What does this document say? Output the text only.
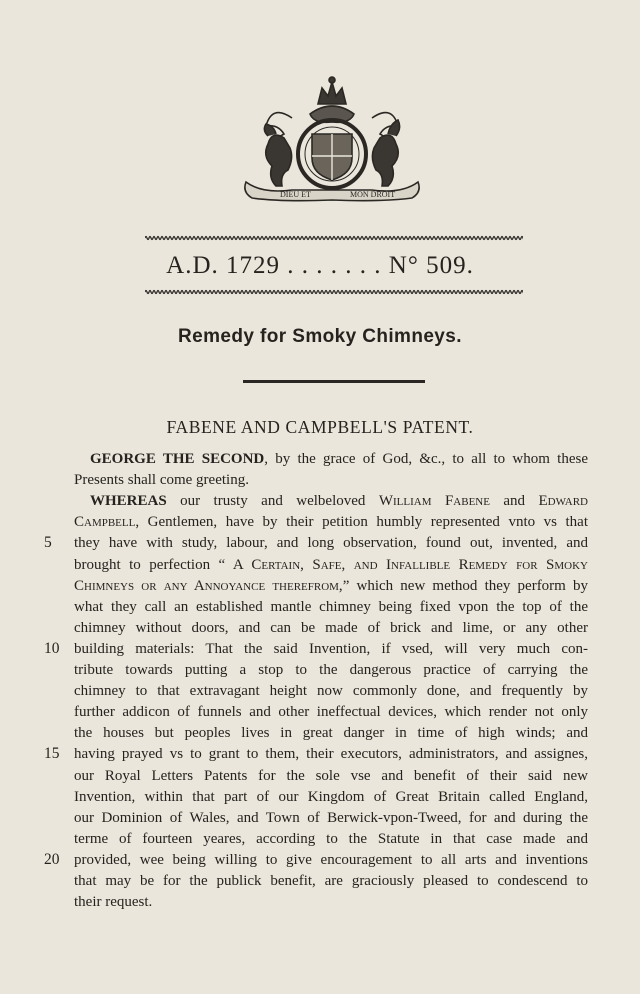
DIEU ET	MON DROIT
A.D. 1729 . . . . . . . N° 509.
Remedy for Smoky Chimneys.
FABENE AND CAMPBELL'S PATENT.
GEORGE THE SECOND, by the grace of God, &c., to all to whom these
Presents shall come greeting.
WHEREAS our trusty and welbeloved William Fabene and Edward
Campbell, Gentlemen, have by their petition humbly represented vnto vs that
they have with study, labour, and long observation, found out, invented, and
brought to perfection “ A Certain, Safe, and Infallible Remedy for Smoky
Chimneys or any Annoyance therefrom,” which new method they perform by
what they call an established mantle chimney being fixed vpon the top of the
chimney without doors, and can be made of brick and lime, or any other
building materials: That the said Invention, if vsed, will very much con-
tribute towards putting a stop to the dangerous practice of carrying the
chimney to that extravagant height now commonly done, and frequently by
further addicon of funnels and other ineffectual devices, which render not only
the houses but peoples lives in great danger in time of high winds; and
having prayed vs to grant to them, their executors, administrators, and assignes,
our Royal Letters Patents for the sole vse and benefit of their said new
Invention, within that part of our Kingdom of Great Britain called England,
our Dominion of Wales, and Town of Berwick-vpon-Tweed, for and during the
terme of fourteen yeares, according to the Statute in that case made and
provided, wee being willing to give encouragement to all arts and inventions
that may be for the publick benefit, are graciously pleased to condescend to
their request.
5
10
15
20
